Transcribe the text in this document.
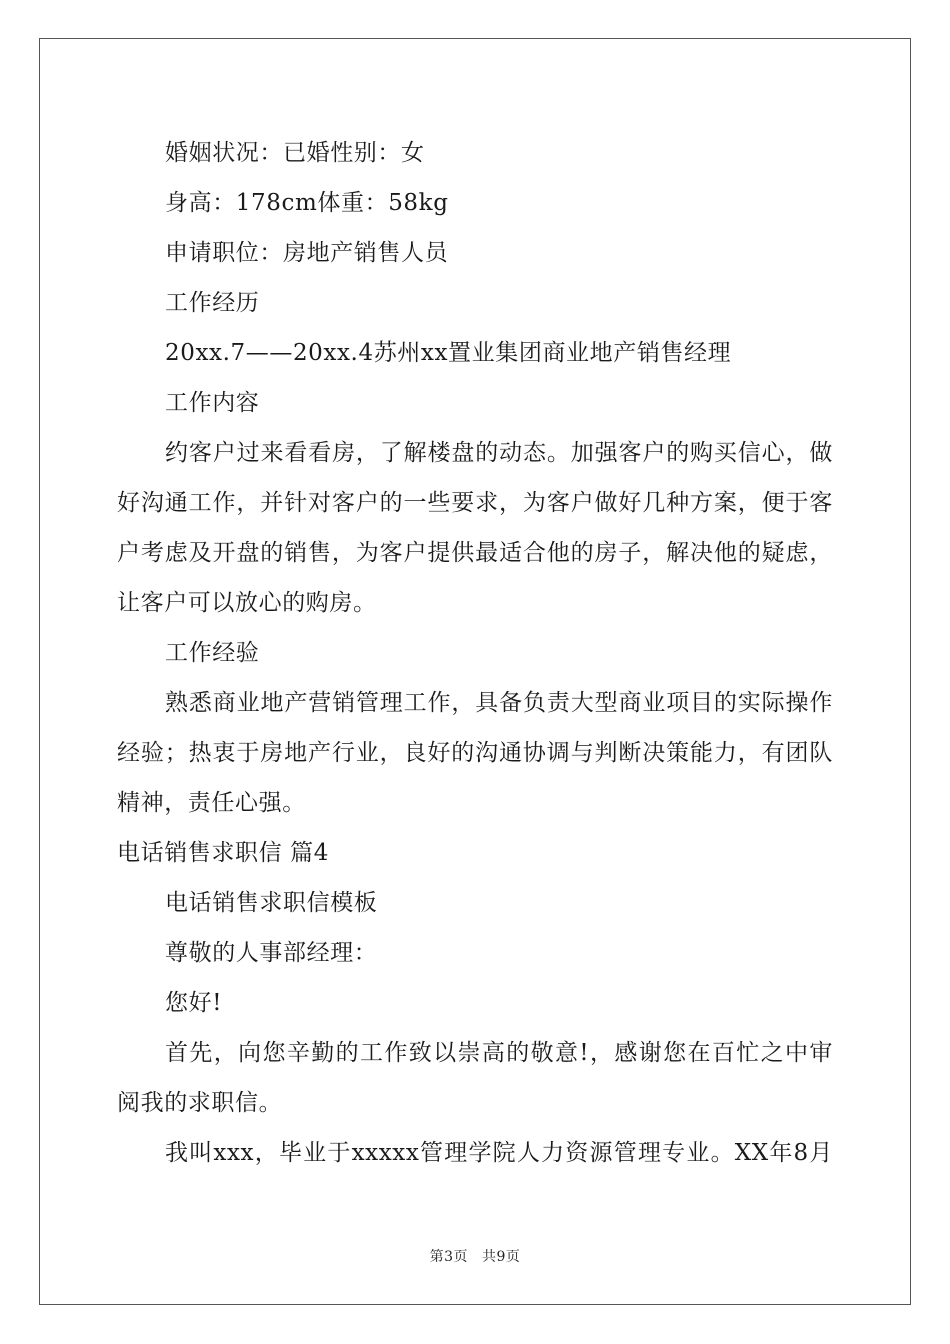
婚姻状况：已婚性别：女

身高：178cm体重：58kg

申请职位：房地产销售人员

工作经历

20xx.7——20xx.4苏州xx置业集团商业地产销售经理

工作内容

约客户过来看看房，了解楼盘的动态。加强客户的购买信心，做

好沟通工作，并针对客户的一些要求，为客户做好几种方案，便于客

户考虑及开盘的销售，为客户提供最适合他的房子，解决他的疑虑，

让客户可以放心的购房。

工作经验

熟悉商业地产营销管理工作，具备负责大型商业项目的实际操作

经验；热衷于房地产行业，良好的沟通协调与判断决策能力，有团队

精神，责任心强。

电话销售求职信 篇4

电话销售求职信模板

尊敬的人事部经理：

您好!

首先，向您辛勤的工作致以崇高的敬意!，感谢您在百忙之中审

阅我的求职信。

我叫xxx，毕业于xxxxx管理学院人力资源管理专业。XX年8月

第3页 共9页
